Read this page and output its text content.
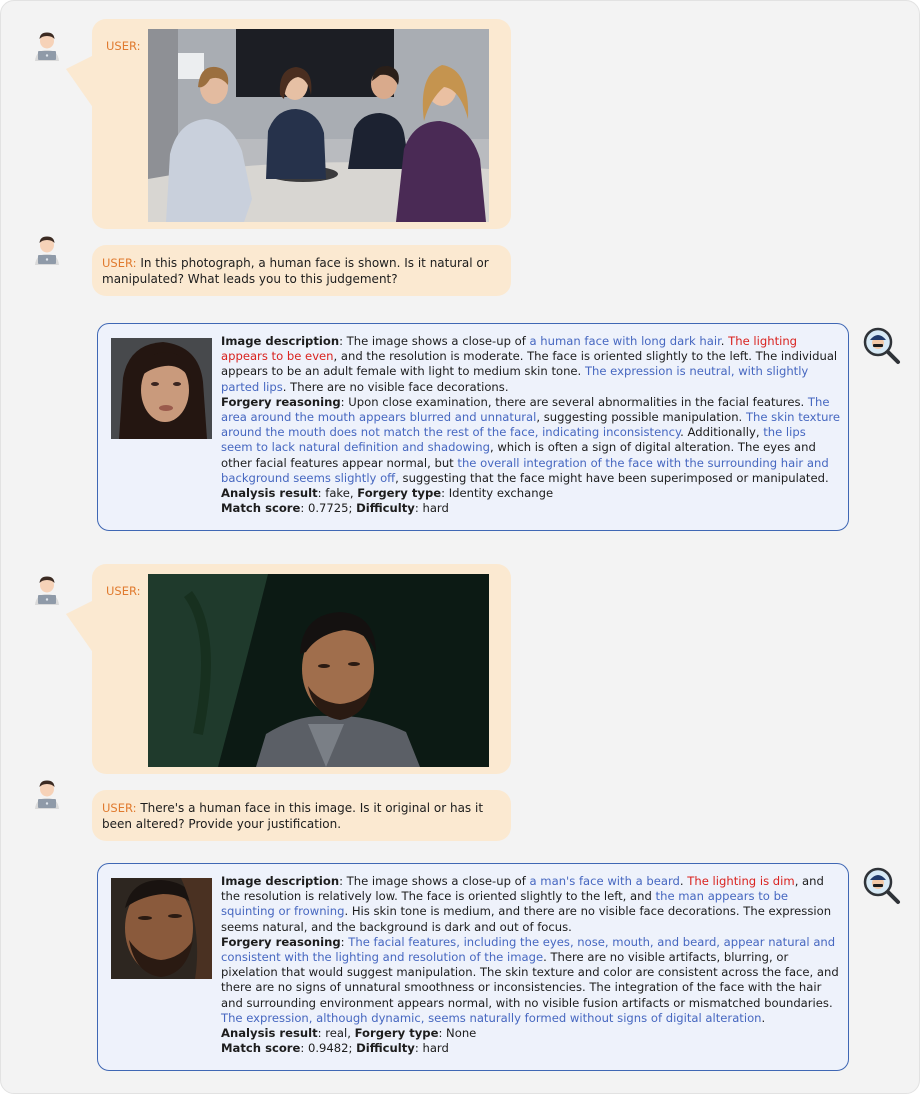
USER:
USER: In this photograph, a human face is shown. Is it natural or manipulated? What leads you to this judgement?
Image description: The image shows a close-up of a human face with long dark hair. The lighting appears to be even, and the resolution is moderate. The face is oriented slightly to the left. The individual appears to be an adult female with light to medium skin tone. The expression is neutral, with slightly parted lips. There are no visible face decorations.
Forgery reasoning: Upon close examination, there are several abnormalities in the facial features. The area around the mouth appears blurred and unnatural, suggesting possible manipulation. The skin texture around the mouth does not match the rest of the face, indicating inconsistency. Additionally, the lips seem to lack natural definition and shadowing, which is often a sign of digital alteration. The eyes and other facial features appear normal, but the overall integration of the face with the surrounding hair and background seems slightly off, suggesting that the face might have been superimposed or manipulated.
Analysis result: fake, Forgery type: Identity exchange
Match score: 0.7725; Difficulty: hard
USER:
USER: There's a human face in this image. Is it original or has it been altered? Provide your justification.
Image description: The image shows a close-up of a man's face with a beard. The lighting is dim, and the resolution is relatively low. The face is oriented slightly to the left, and the man appears to be squinting or frowning. His skin tone is medium, and there are no visible face decorations. The expression seems natural, and the background is dark and out of focus.
Forgery reasoning: The facial features, including the eyes, nose, mouth, and beard, appear natural and consistent with the lighting and resolution of the image. There are no visible artifacts, blurring, or pixelation that would suggest manipulation. The skin texture and color are consistent across the face, and there are no signs of unnatural smoothness or inconsistencies. The integration of the face with the hair and surrounding environment appears normal, with no visible fusion artifacts or mismatched boundaries. The expression, although dynamic, seems naturally formed without signs of digital alteration.
Analysis result: real, Forgery type: None
Match score: 0.9482; Difficulty: hard
